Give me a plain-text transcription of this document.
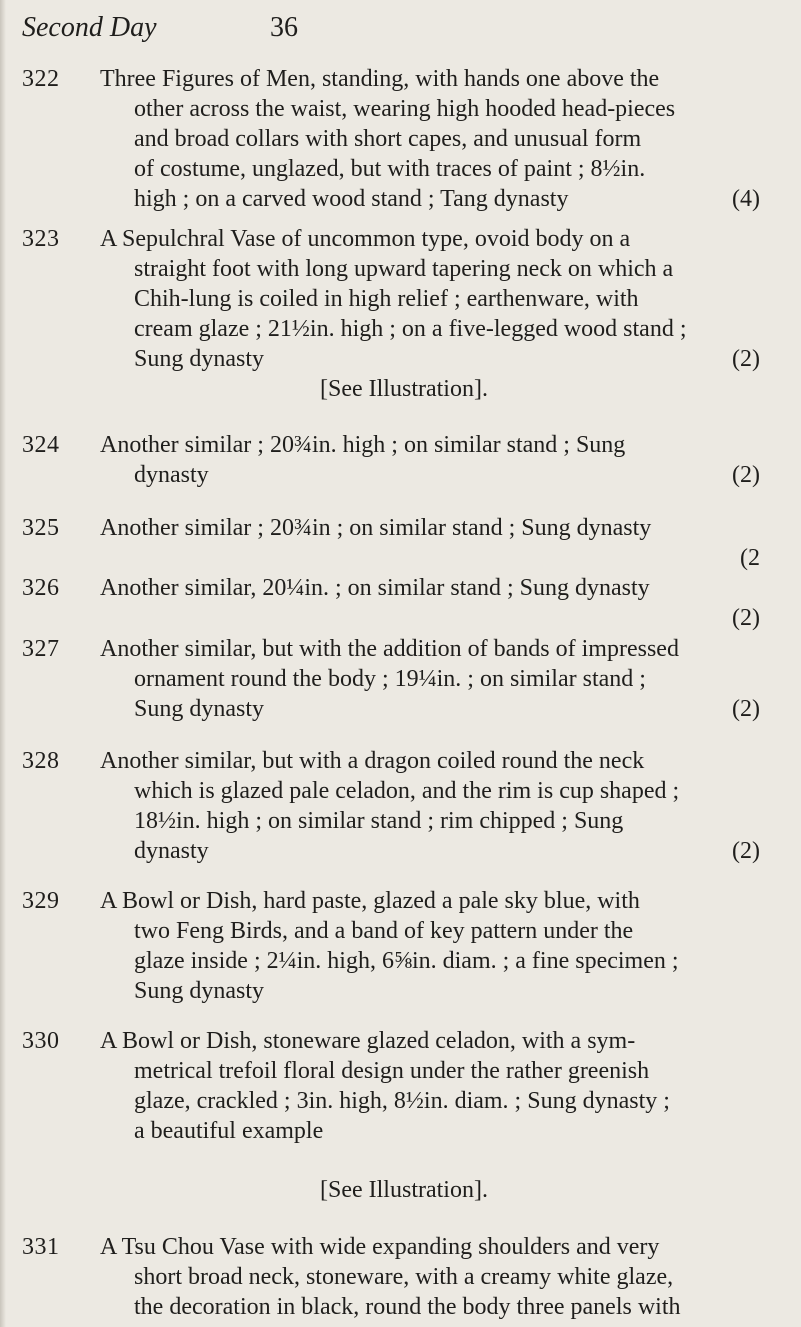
Second Day	36
322	Three Figures of Men, standing, with hands one above the
other across the waist, wearing high hooded head-pieces
and broad collars with short capes, and unusual form
of costume, unglazed, but with traces of paint ; 8½in.
high ; on a carved wood stand ; Tang dynasty	(4)
323	A Sepulchral Vase of uncommon type, ovoid body on a
straight foot with long upward tapering neck on which a
Chih-lung is coiled in high relief ; earthenware, with
cream glaze ; 21½in. high ; on a five-legged wood stand ;
Sung dynasty	(2)
[See Illustration].
324	Another similar ; 20¾in. high ; on similar stand ; Sung
dynasty	(2)
325	Another similar ; 20¾in ; on similar stand ; Sung dynasty
(2
326	Another similar, 20¼in. ; on similar stand ; Sung dynasty
(2)
327	Another similar, but with the addition of bands of impressed
ornament round the body ; 19¼in. ; on similar stand ;
Sung dynasty	(2)
328	Another similar, but with a dragon coiled round the neck
which is glazed pale celadon, and the rim is cup shaped ;
18½in. high ; on similar stand ; rim chipped ; Sung
dynasty	(2)
329	A Bowl or Dish, hard paste, glazed a pale sky blue, with
two Feng Birds, and a band of key pattern under the
glaze inside ; 2¼in. high, 6⅝in. diam. ; a fine specimen ;
Sung dynasty
330	A Bowl or Dish, stoneware glazed celadon, with a sym-
metrical trefoil floral design under the rather greenish
glaze, crackled ; 3in. high, 8½in. diam. ; Sung dynasty ;
a beautiful example
[See Illustration].
331	A Tsu Chou Vase with wide expanding shoulders and very
short broad neck, stoneware, with a creamy white glaze,
the decoration in black, round the body three panels with
